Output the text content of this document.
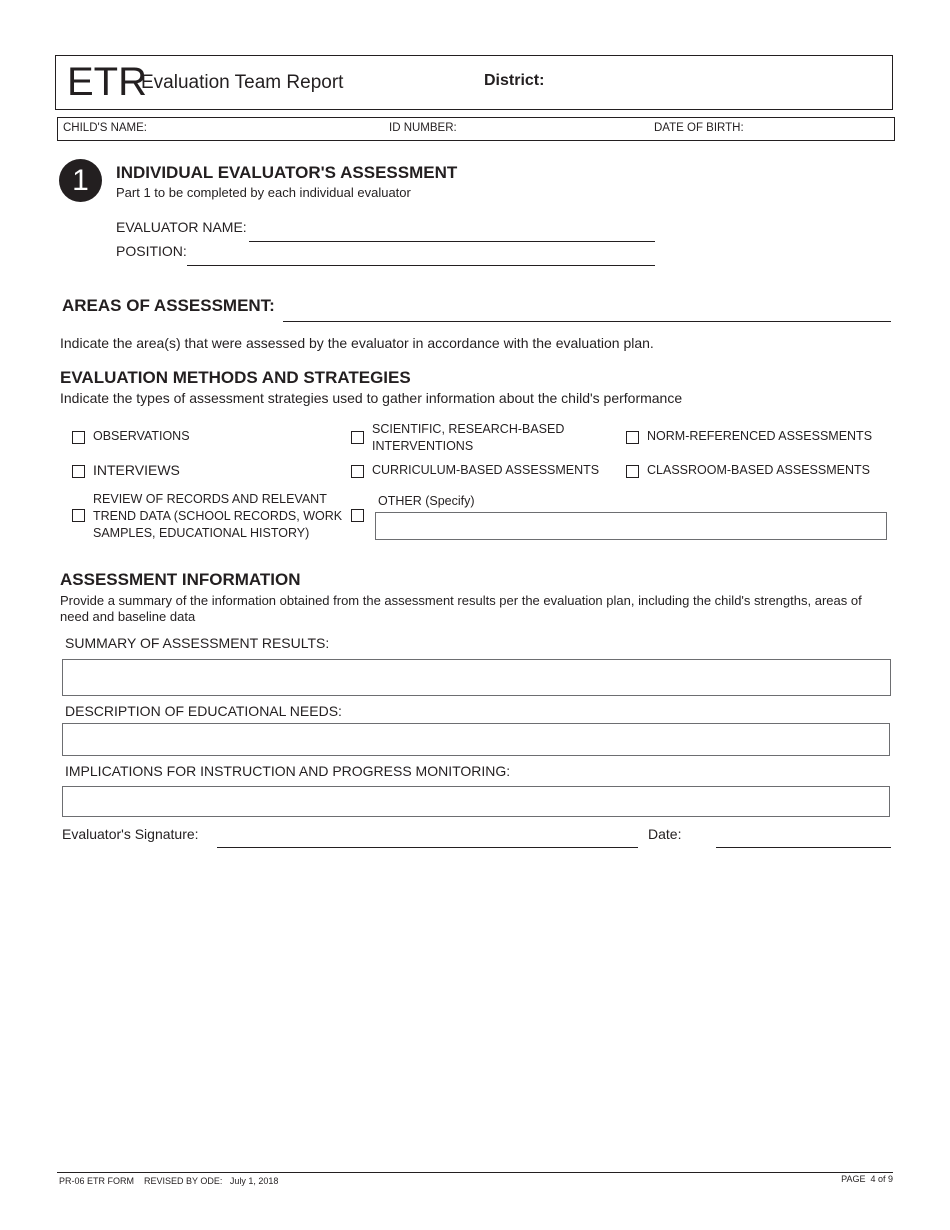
ETR
Evaluation Team Report	District:
CHILD'S NAME:	ID NUMBER:	DATE OF BIRTH:
1	INDIVIDUAL EVALUATOR'S ASSESSMENT
Part 1 to be completed by each individual evaluator
EVALUATOR NAME:
POSITION:
AREAS OF ASSESSMENT:
Indicate the area(s) that were assessed by the evaluator in accordance with the evaluation plan.
EVALUATION METHODS AND STRATEGIES
Indicate the types of assessment strategies used to gather information about the child's performance
OBSERVATIONS	SCIENTIFIC, RESEARCH-BASED
INTERVENTIONS
NORM-REFERENCED ASSESSMENTS
INTERVIEWS	CURRICULUM-BASED ASSESSMENTS	CLASSROOM-BASED ASSESSMENTS
REVIEW OF RECORDS AND RELEVANT
TREND DATA (SCHOOL RECORDS, WORK
SAMPLES, EDUCATIONAL HISTORY)
OTHER (Specify)
ASSESSMENT INFORMATION
Provide a summary of the information obtained from the assessment results per the evaluation plan, including the child's strengths, areas of
need and baseline data
SUMMARY OF ASSESSMENT RESULTS:
DESCRIPTION OF EDUCATIONAL NEEDS:
IMPLICATIONS FOR INSTRUCTION AND PROGRESS MONITORING:
Evaluator's Signature:	Date:
PR-06 ETR FORM    REVISED BY ODE:   July 1, 2018	PAGE  4 of 9
